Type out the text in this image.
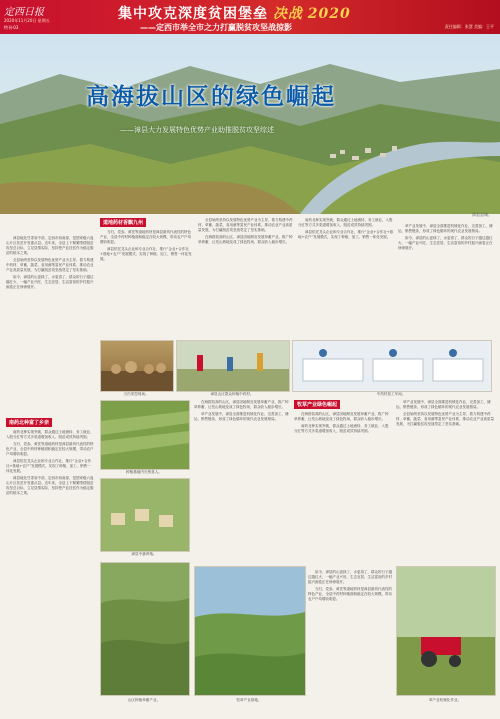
定西日报
2020年11月20日 星期五
特刊·03
集中攻克深度贫困堡垒 决战 2020
——定西市举全市之力打赢脱贫攻坚战掠影	责任编辑：张慧 美编：王平
高海拔山区的绿色崛起
——漳县大力发展特色优势产业助推脱贫攻坚综述
漳县县城。

漳县地处甘肃省中部，定西市西南部，是国家级六盘山片区扶贫开发重点县。近年来，全县上下紧紧围绕脱贫攻坚总目标，立足县情实际，坚持把产业扶贫作为稳定脱贫的根本之策。

全县始终坚持以发展特色优势产业为主导，着力构建中药材、草畜、蔬菜、食用菌等富民产业体系，推动农业产业高质量发展，为打赢脱贫攻坚战奠定了坚实基础。

如今，漳县的山更绿了，水更清了，群众的日子越过越红火，一幅产业兴旺、生态宜居、生活富裕的乡村振兴画卷正在徐徐展开。

道地药材香飘九州

当归、党参、黄芪等道地药材是漳县最具代表性的特色产业，全县中药材种植面积稳定在较大规模，带动农户户均增收明显。

漳县依托龙头企业和专业合作社，推行“企业+合作社+基地+农户”发展模式，实现了种植、加工、销售一体化发展。

全县始终坚持以发展特色优势产业为主导，着力构建中药材、草畜、蔬菜、食用菌等富民产业体系，推动农业产业高质量发展，为打赢脱贫攻坚战奠定了坚实基础。

在海拔较高的山区，漳县因地制宜发展草畜产业，推广种草养畜，让荒山坡地变成了绿色牧场，群众收入稳步增长。

南药北种实现突破，群众通过土地流转、务工就业、入股分红等方式多渠道增加收入，脱贫成效持续巩固。

漳县依托龙头企业和专业合作社，推行“企业+合作社+基地+农户”发展模式，实现了种植、加工、销售一体化发展。

草产业发展中，漳县全面推进机械化作业，完善加工、储运、销售链条，形成了绿色循环的现代农业发展格局。

如今，漳县的山更绿了，水更清了，群众的日子越过越红火，一幅产业兴旺、生态宜居、生活富裕的乡村振兴画卷正在徐徐展开。

当归采挖现场。	漳县山区群众种植中药材。	中药材加工车间。
南药北种富了乡亲

南药北种实现突破，群众通过土地流转、务工就业、入股分红等方式多渠道增加收入，脱贫成效持续巩固。

当归、党参、黄芪等道地药材是漳县最具代表性的特色产业，全县中药材种植面积稳定在较大规模，带动农户户均增收明显。

漳县依托龙头企业和专业合作社，推行“企业+合作社+基地+农户”发展模式，实现了种植、加工、销售一体化发展。

漳县地处甘肃省中部，定西市西南部，是国家级六盘山片区扶贫开发重点县。近年来，全县上下紧紧围绕脱贫攻坚总目标，立足县情实际，坚持把产业扶贫作为稳定脱贫的根本之策。

种植基地内长势喜人。
漳县中蜂养殖。
山区种植草畜产业。

在海拔较高的山区，漳县因地制宜发展草畜产业，推广种草养畜，让荒山坡地变成了绿色牧场，群众收入稳步增长。

草产业发展中，漳县全面推进机械化作业，完善加工、储运、销售链条，形成了绿色循环的现代农业发展格局。

牧草产业绿色崛起

在海拔较高的山区，漳县因地制宜发展草畜产业，推广种草养畜，让荒山坡地变成了绿色牧场，群众收入稳步增长。

南药北种实现突破，群众通过土地流转、务工就业、入股分红等方式多渠道增加收入，脱贫成效持续巩固。

草产业发展中，漳县全面推进机械化作业，完善加工、储运、销售链条，形成了绿色循环的现代农业发展格局。

全县始终坚持以发展特色优势产业为主导，着力构建中药材、草畜、蔬菜、食用菌等富民产业体系，推动农业产业高质量发展，为打赢脱贫攻坚战奠定了坚实基础。

牧草产业基地。

如今，漳县的山更绿了，水更清了，群众的日子越过越红火，一幅产业兴旺、生态宜居、生活富裕的乡村振兴画卷正在徐徐展开。

当归、党参、黄芪等道地药材是漳县最具代表性的特色产业，全县中药材种植面积稳定在较大规模，带动农户户均增收明显。

草产业机械化作业。
